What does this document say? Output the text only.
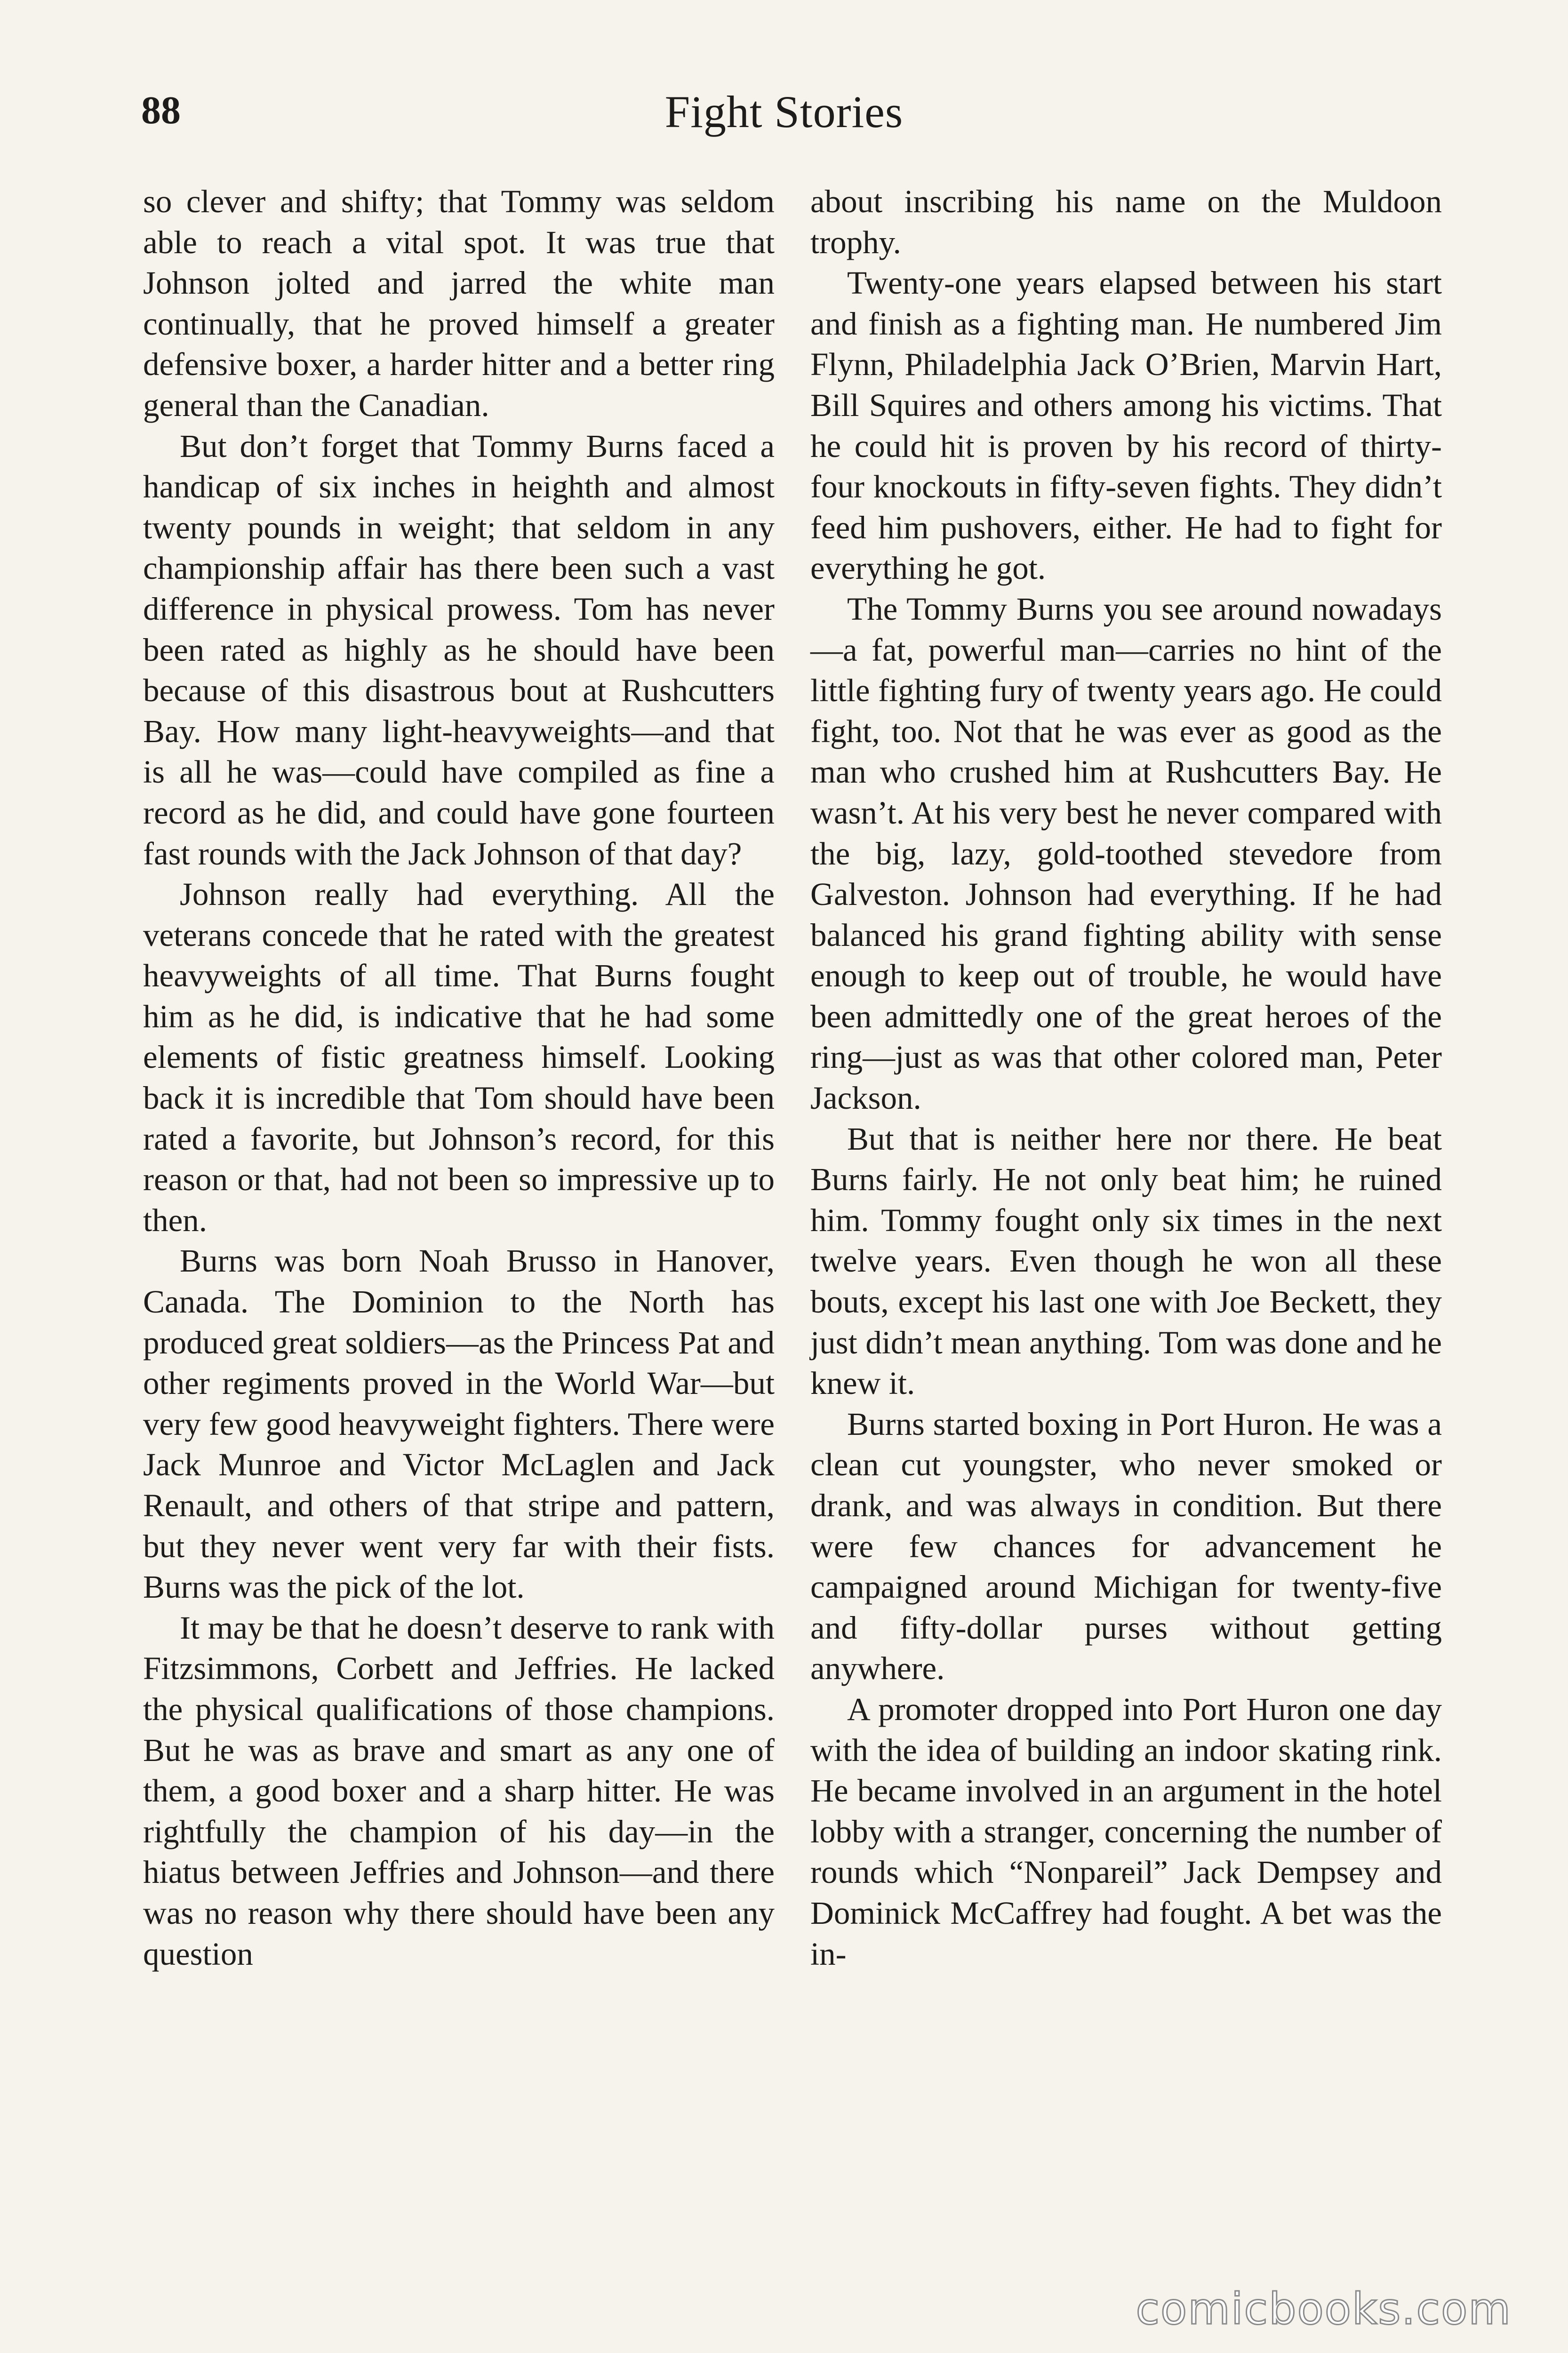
88	Fight Stories

so clever and shifty; that Tommy was seldom able to reach a vital spot. It was true that Johnson jolted and jarred the white man continually, that he proved himself a greater defensive boxer, a harder hitter and a better ring general than the Canadian.

But don’t forget that Tommy Burns faced a handicap of six inches in heighth and almost twenty pounds in weight; that seldom in any championship affair has there been such a vast difference in physical prowess. Tom has never been rated as highly as he should have been because of this disastrous bout at Rushcutters Bay. How many light-heavyweights—and that is all he was—could have compiled as fine a record as he did, and could have gone fourteen fast rounds with the Jack Johnson of that day?

Johnson really had everything. All the veterans concede that he rated with the greatest heavyweights of all time. That Burns fought him as he did, is indicative that he had some elements of fistic greatness himself. Looking back it is incredible that Tom should have been rated a favorite, but Johnson’s record, for this reason or that, had not been so impressive up to then.

Burns was born Noah Brusso in Hanover, Canada. The Dominion to the North has produced great soldiers—as the Princess Pat and other regiments proved in the World War—but very few good heavyweight fighters. There were Jack Munroe and Victor McLaglen and Jack Renault, and others of that stripe and pattern, but they never went very far with their fists. Burns was the pick of the lot.

It may be that he doesn’t deserve to rank with Fitzsimmons, Corbett and Jeffries. He lacked the physical qualifications of those champions. But he was as brave and smart as any one of them, a good boxer and a sharp hitter. He was rightfully the champion of his day—in the hiatus between Jeffries and Johnson—and there was no reason why there should have been any question

about inscribing his name on the Muldoon trophy.

Twenty-one years elapsed between his start and finish as a fighting man. He numbered Jim Flynn, Philadelphia Jack O’Brien, Marvin Hart, Bill Squires and others among his victims. That he could hit is proven by his record of thirty-four knockouts in fifty-seven fights. They didn’t feed him pushovers, either. He had to fight for everything he got.

The Tommy Burns you see around nowadays—a fat, powerful man—carries no hint of the little fighting fury of twenty years ago. He could fight, too. Not that he was ever as good as the man who crushed him at Rushcutters Bay. He wasn’t. At his very best he never compared with the big, lazy, gold-toothed stevedore from Galveston. Johnson had everything. If he had balanced his grand fighting ability with sense enough to keep out of trouble, he would have been admittedly one of the great heroes of the ring—just as was that other colored man, Peter Jackson.

But that is neither here nor there. He beat Burns fairly. He not only beat him; he ruined him. Tommy fought only six times in the next twelve years. Even though he won all these bouts, except his last one with Joe Beckett, they just didn’t mean anything. Tom was done and he knew it.

Burns started boxing in Port Huron. He was a clean cut youngster, who never smoked or drank, and was always in condition. But there were few chances for advancement he campaigned around Michigan for twenty-five and fifty-dollar purses without getting anywhere.

A promoter dropped into Port Huron one day with the idea of building an indoor skating rink. He became involved in an argument in the hotel lobby with a stranger, concerning the number of rounds which “Nonpareil” Jack Dempsey and Dominick McCaffrey had fought. A bet was the in-

comicbooks.com
